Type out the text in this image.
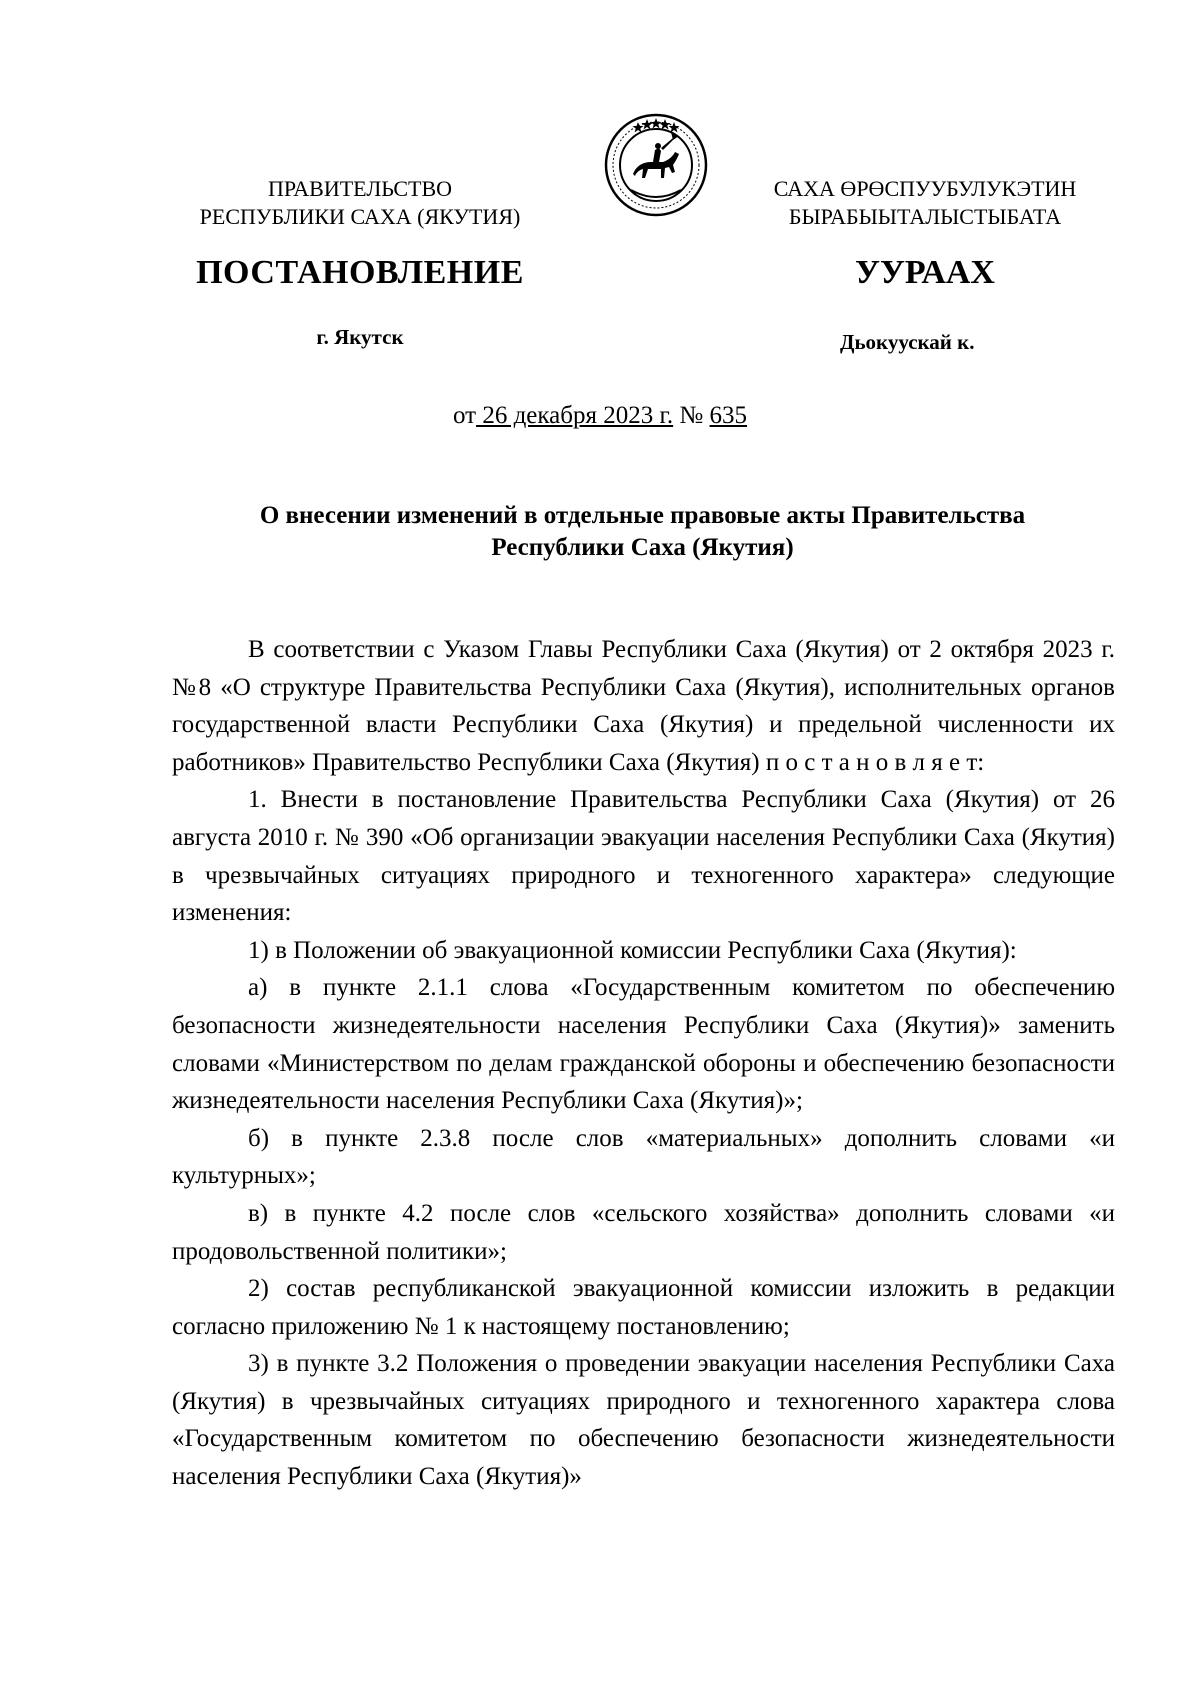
ПРАВИТЕЛЬСТВО
РЕСПУБЛИКИ САХА (ЯКУТИЯ)
САХА ӨРӨСПУУБУЛУКЭТИН
БЫРАБЫЫТАЛЫСТЫБАТА
ПОСТАНОВЛЕНИЕ	УУРААХ
г. Якутск	Дьокуускай к.
от 26 декабря 2023 г. № 635
О внесении изменений в отдельные правовые акты Правительства
Республики Саха (Якутия)

В соответствии с Указом Главы Республики Саха (Якутия) от 2 октября 2023 г. №8 «О структуре Правительства Республики Саха (Якутия), исполнительных органов государственной власти Республики Саха (Якутия) и предельной численности их работников» Правительство Республики Саха (Якутия) п о с т а н о в л я е т:

1. Внести в постановление Правительства Республики Саха (Якутия) от 26 августа 2010 г. № 390 «Об организации эвакуации населения Республики Саха (Якутия) в чрезвычайных ситуациях природного и техногенного характера» следующие изменения:

1) в Положении об эвакуационной комиссии Республики Саха (Якутия):

а) в пункте 2.1.1 слова «Государственным комитетом по обеспечению безопасности жизнедеятельности населения Республики Саха (Якутия)» заменить словами «Министерством по делам гражданской обороны и обеспечению безопасности жизнедеятельности населения Республики Саха (Якутия)»;

б) в пункте 2.3.8 после слов «материальных» дополнить словами «и культурных»;

в) в пункте 4.2 после слов «сельского хозяйства» дополнить словами «и продовольственной политики»;

2) состав республиканской эвакуационной комиссии изложить в редакции согласно приложению № 1 к настоящему постановлению;

3) в пункте 3.2 Положения о проведении эвакуации населения Республики Саха (Якутия) в чрезвычайных ситуациях природного и техногенного характера слова «Государственным комитетом по обеспечению безопасности жизнедеятельности населения Республики Саха (Якутия)»
